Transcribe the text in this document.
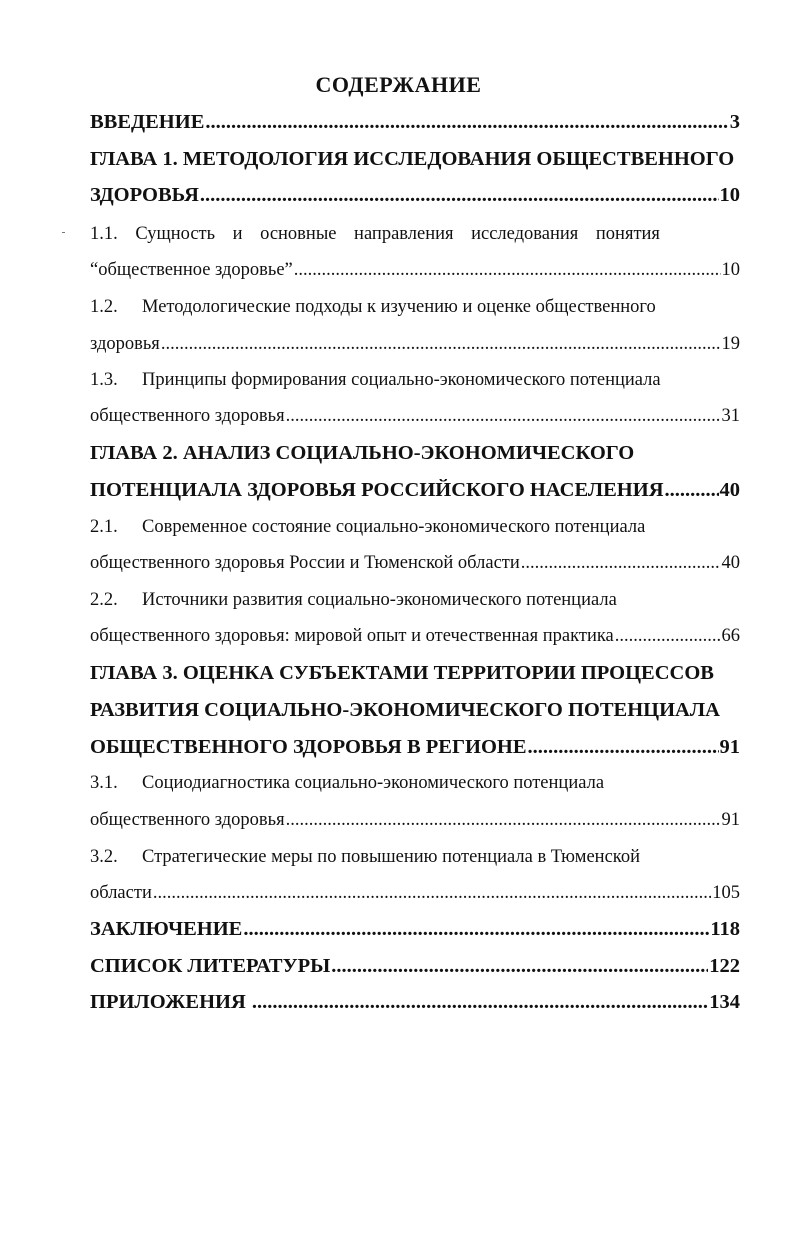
СОДЕРЖАНИЕ
ВВЕДЕНИЕ .....	3
ГЛАВА 1. МЕТОДОЛОГИЯ ИССЛЕДОВАНИЯ ОБЩЕСТВЕННОГО
ЗДОРОВЬЯ .....	10
1.1. Сущность и основные направления исследования понятия
“общественное здоровье” .....	10
1.2. Методологические подходы к изучению и оценке общественного
здоровья .....	19
1.3. Принципы формирования социально-экономического потенциала
общественного здоровья .....	31
ГЛАВА 2. АНАЛИЗ СОЦИАЛЬНО-ЭКОНОМИЧЕСКОГО
ПОТЕНЦИАЛА ЗДОРОВЬЯ РОССИЙСКОГО НАСЕЛЕНИЯ .....	40
2.1. Современное состояние социально-экономического потенциала
общественного здоровья России и Тюменской области .....	40
2.2. Источники развития социально-экономического потенциала
общественного здоровья: мировой опыт и отечественная практика .....	66
ГЛАВА 3. ОЦЕНКА СУБЪЕКТАМИ ТЕРРИТОРИИ ПРОЦЕССОВ
РАЗВИТИЯ СОЦИАЛЬНО-ЭКОНОМИЧЕСКОГО ПОТЕНЦИАЛА
ОБЩЕСТВЕННОГО ЗДОРОВЬЯ В РЕГИОНЕ .....	91
3.1. Социодиагностика социально-экономического потенциала
общественного здоровья .....	91
3.2. Стратегические меры по повышению потенциала в Тюменской
области .....	105
ЗАКЛЮЧЕНИЕ .....	118
СПИСОК ЛИТЕРАТУРЫ .....	122
ПРИЛОЖЕНИЯ .....	134
